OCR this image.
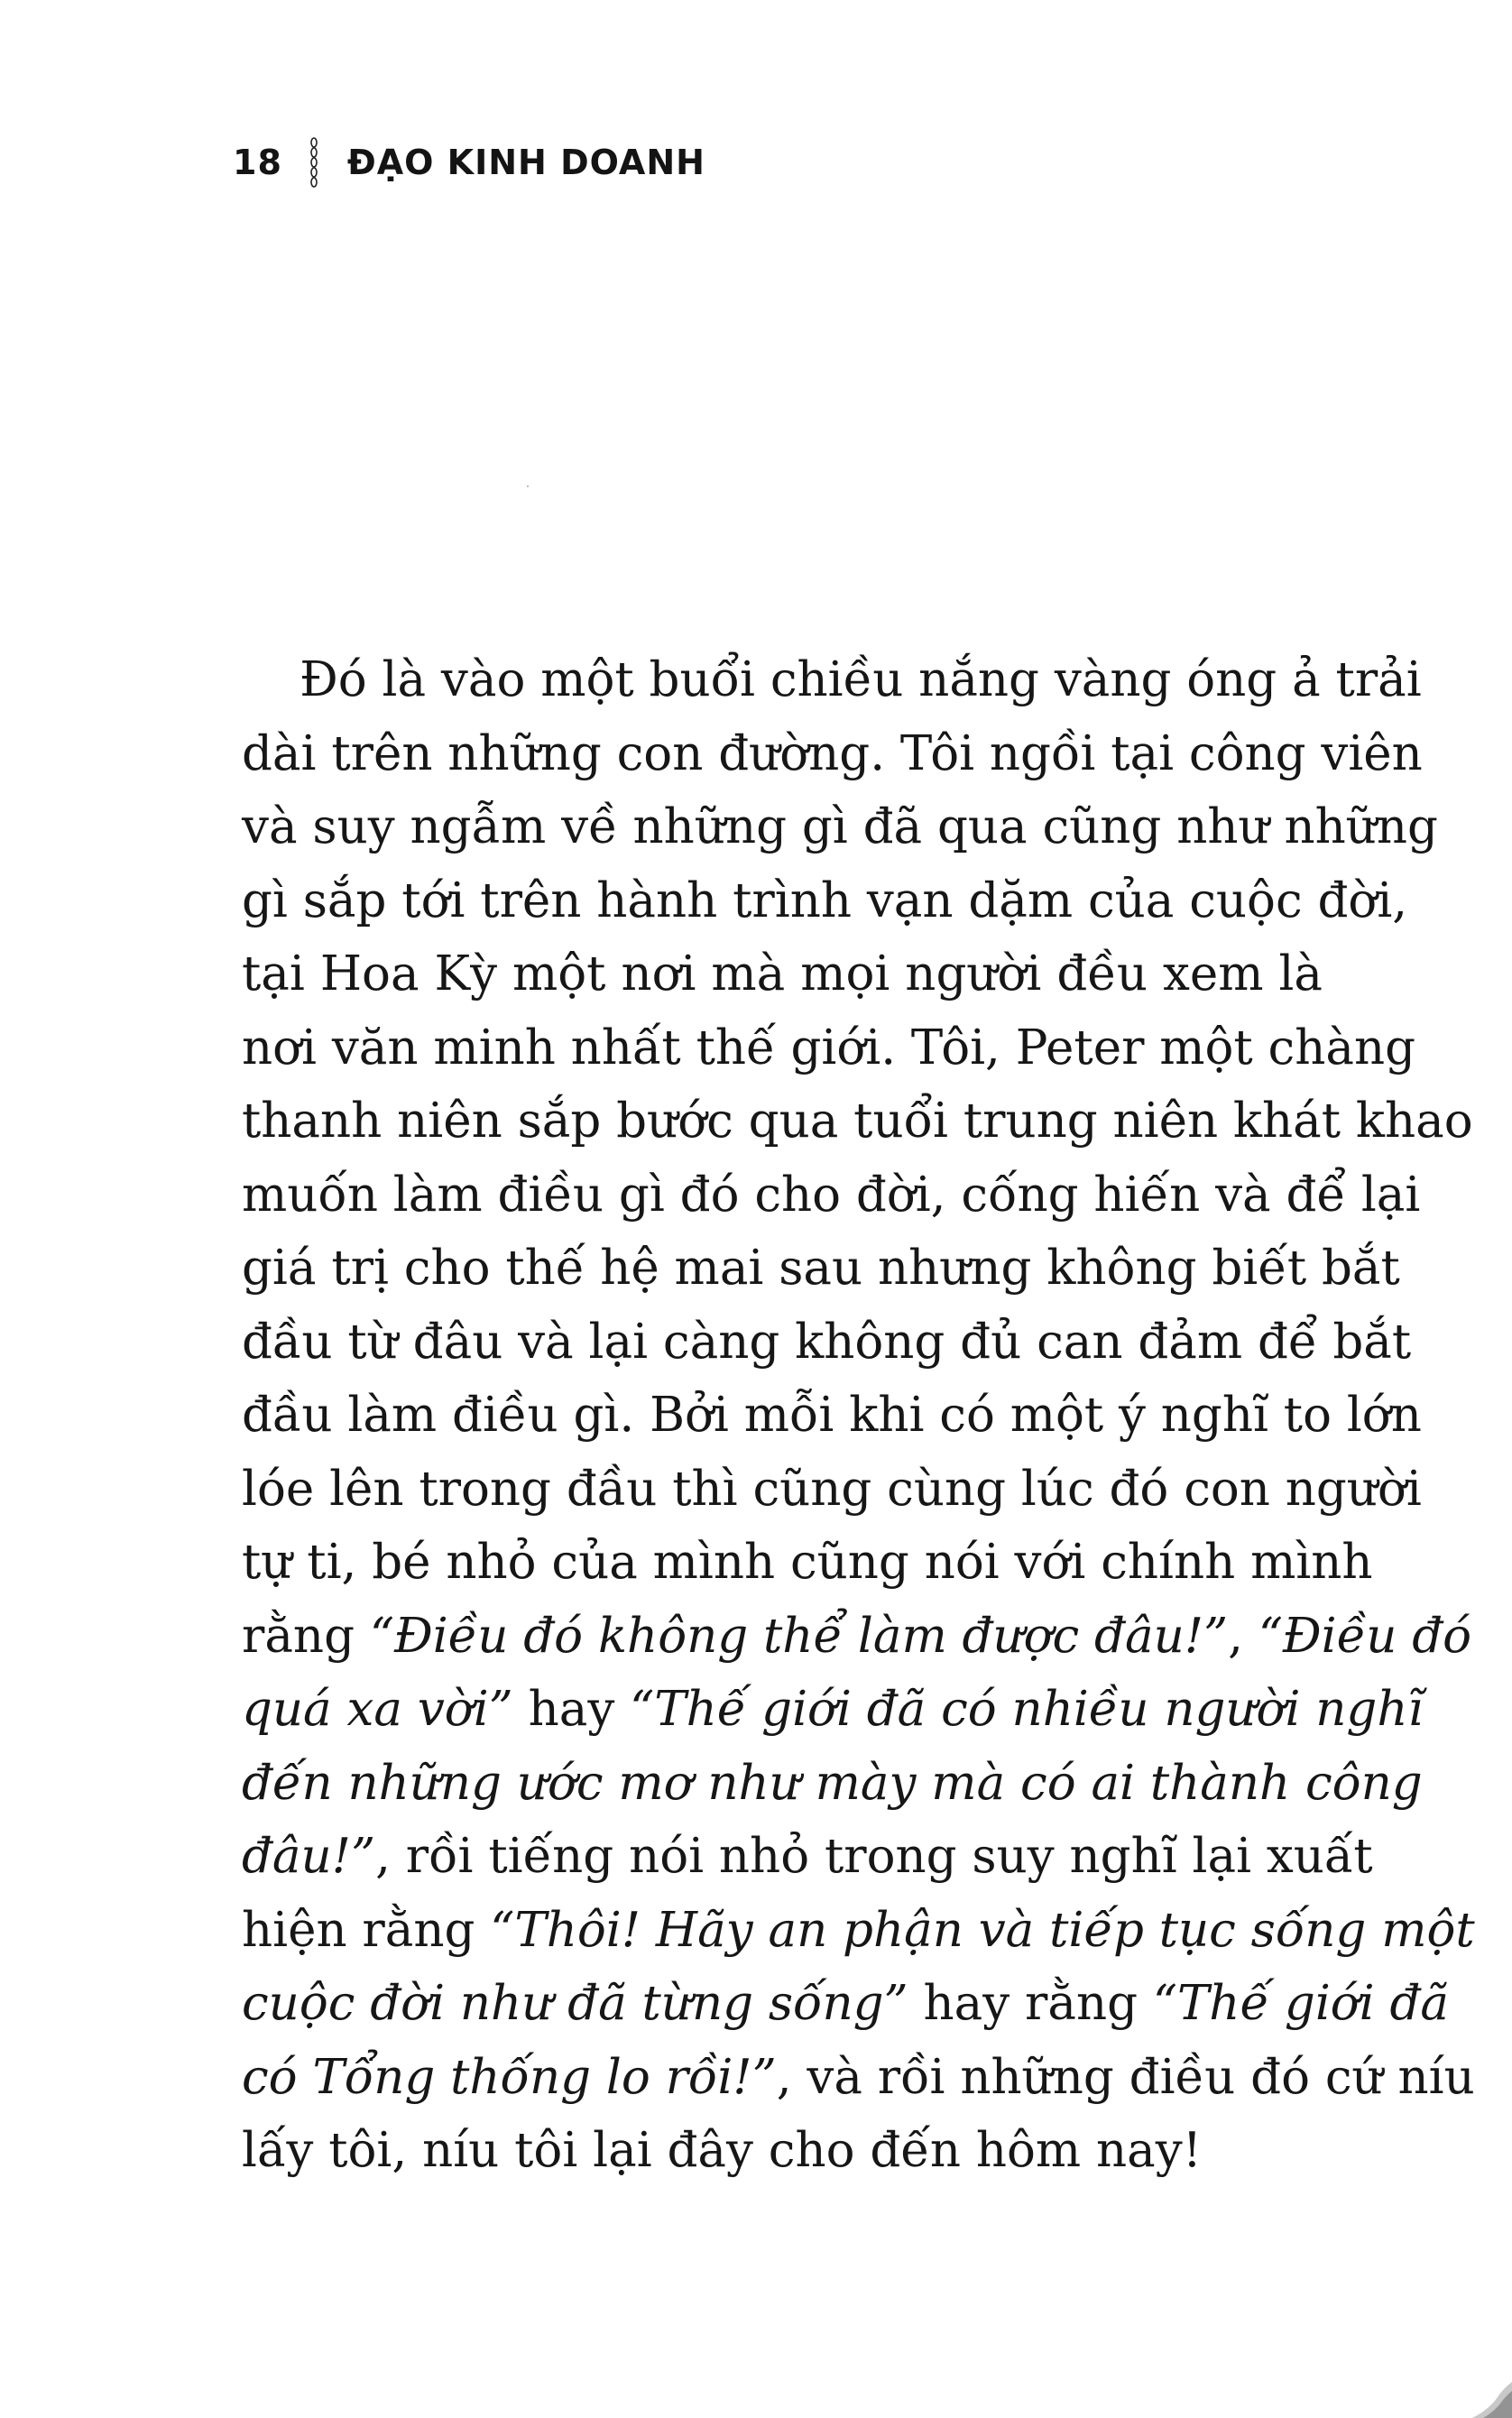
18 ĐẠO KINH DOANH
Đó là vào một buổi chiều nắng vàng óng ả trải
dài trên những con đường. Tôi ngồi tại công viên
và suy ngẫm về những gì đã qua cũng như những
gì sắp tới trên hành trình vạn dặm của cuộc đời,
tại Hoa Kỳ một nơi mà mọi người đều xem là
nơi văn minh nhất thế giới. Tôi, Peter một chàng
thanh niên sắp bước qua tuổi trung niên khát khao
muốn làm điều gì đó cho đời, cống hiến và để lại
giá trị cho thế hệ mai sau nhưng không biết bắt
đầu từ đâu và lại càng không đủ can đảm để bắt
đầu làm điều gì. Bởi mỗi khi có một ý nghĩ to lớn
lóe lên trong đầu thì cũng cùng lúc đó con người
tự ti, bé nhỏ của mình cũng nói với chính mình
rằng “Điều đó không thể làm được đâu!”, “Điều đó
quá xa vời” hay “Thế giới đã có nhiều người nghĩ
đến những ước mơ như mày mà có ai thành công
đâu!”, rồi tiếng nói nhỏ trong suy nghĩ lại xuất
hiện rằng “Thôi! Hãy an phận và tiếp tục sống một
cuộc đời như đã từng sống” hay rằng “Thế giới đã
có Tổng thống lo rồi!”, và rồi những điều đó cứ níu
lấy tôi, níu tôi lại đây cho đến hôm nay!
